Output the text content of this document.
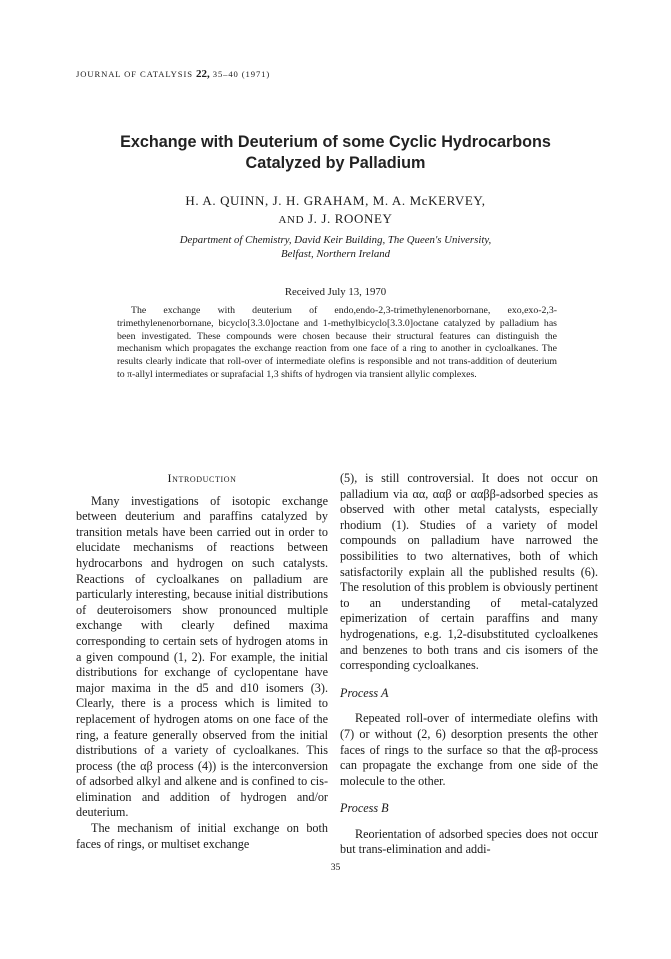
JOURNAL OF CATALYSIS 22, 35–40 (1971)
Exchange with Deuterium of some Cyclic Hydrocarbons
Catalyzed by Palladium
H. A. QUINN, J. H. GRAHAM, M. A. McKERVEY,
AND J. J. ROONEY
Department of Chemistry, David Keir Building, The Queen's University,
Belfast, Northern Ireland
Received July 13, 1970

The exchange with deuterium of endo,endo-2,3-trimethylenenorbornane, exo,exo-2,3-trimethylenenorbornane, bicyclo[3.3.0]octane and 1-methylbicyclo[3.3.0]octane catalyzed by palladium has been investigated. These compounds were chosen because their structural features can distinguish the mechanism which propagates the exchange reaction from one face of a ring to another in cycloalkanes. The results clearly indicate that roll-over of intermediate olefins is responsible and not trans-addition of deuterium to π-allyl intermediates or suprafacial 1,3 shifts of hydrogen via transient allylic complexes.

Introduction

Many investigations of isotopic exchange between deuterium and paraffins catalyzed by transition metals have been carried out in order to elucidate mechanisms of reactions between hydrocarbons and hydrogen on such catalysts. Reactions of cycloalkanes on palladium are particularly interesting, because initial distributions of deuteroisomers show pronounced multiple exchange with clearly defined maxima corresponding to certain sets of hydrogen atoms in a given compound (1, 2). For example, the initial distributions for exchange of cyclopentane have major maxima in the d5 and d10 isomers (3). Clearly, there is a process which is limited to replacement of hydrogen atoms on one face of the ring, a feature generally observed from the initial distributions of a variety of cycloalkanes. This process (the αβ process (4)) is the interconversion of adsorbed alkyl and alkene and is confined to cis-elimination and addition of hydrogen and/or deuterium.

The mechanism of initial exchange on both faces of rings, or multiset exchange

(5), is still controversial. It does not occur on palladium via αα, ααβ or ααββ-adsorbed species as observed with other metal catalysts, especially rhodium (1). Studies of a variety of model compounds on palladium have narrowed the possibilities to two alternatives, both of which satisfactorily explain all the published results (6). The resolution of this problem is obviously pertinent to an understanding of metal-catalyzed epimerization of certain paraffins and many hydrogenations, e.g. 1,2-disubstituted cycloalkenes and benzenes to both trans and cis isomers of the corresponding cycloalkanes.

Process A

Repeated roll-over of intermediate olefins with (7) or without (2, 6) desorption presents the other faces of rings to the surface so that the αβ-process can propagate the exchange from one side of the molecule to the other.

Process B

Reorientation of adsorbed species does not occur but trans-elimination and addi-

35
